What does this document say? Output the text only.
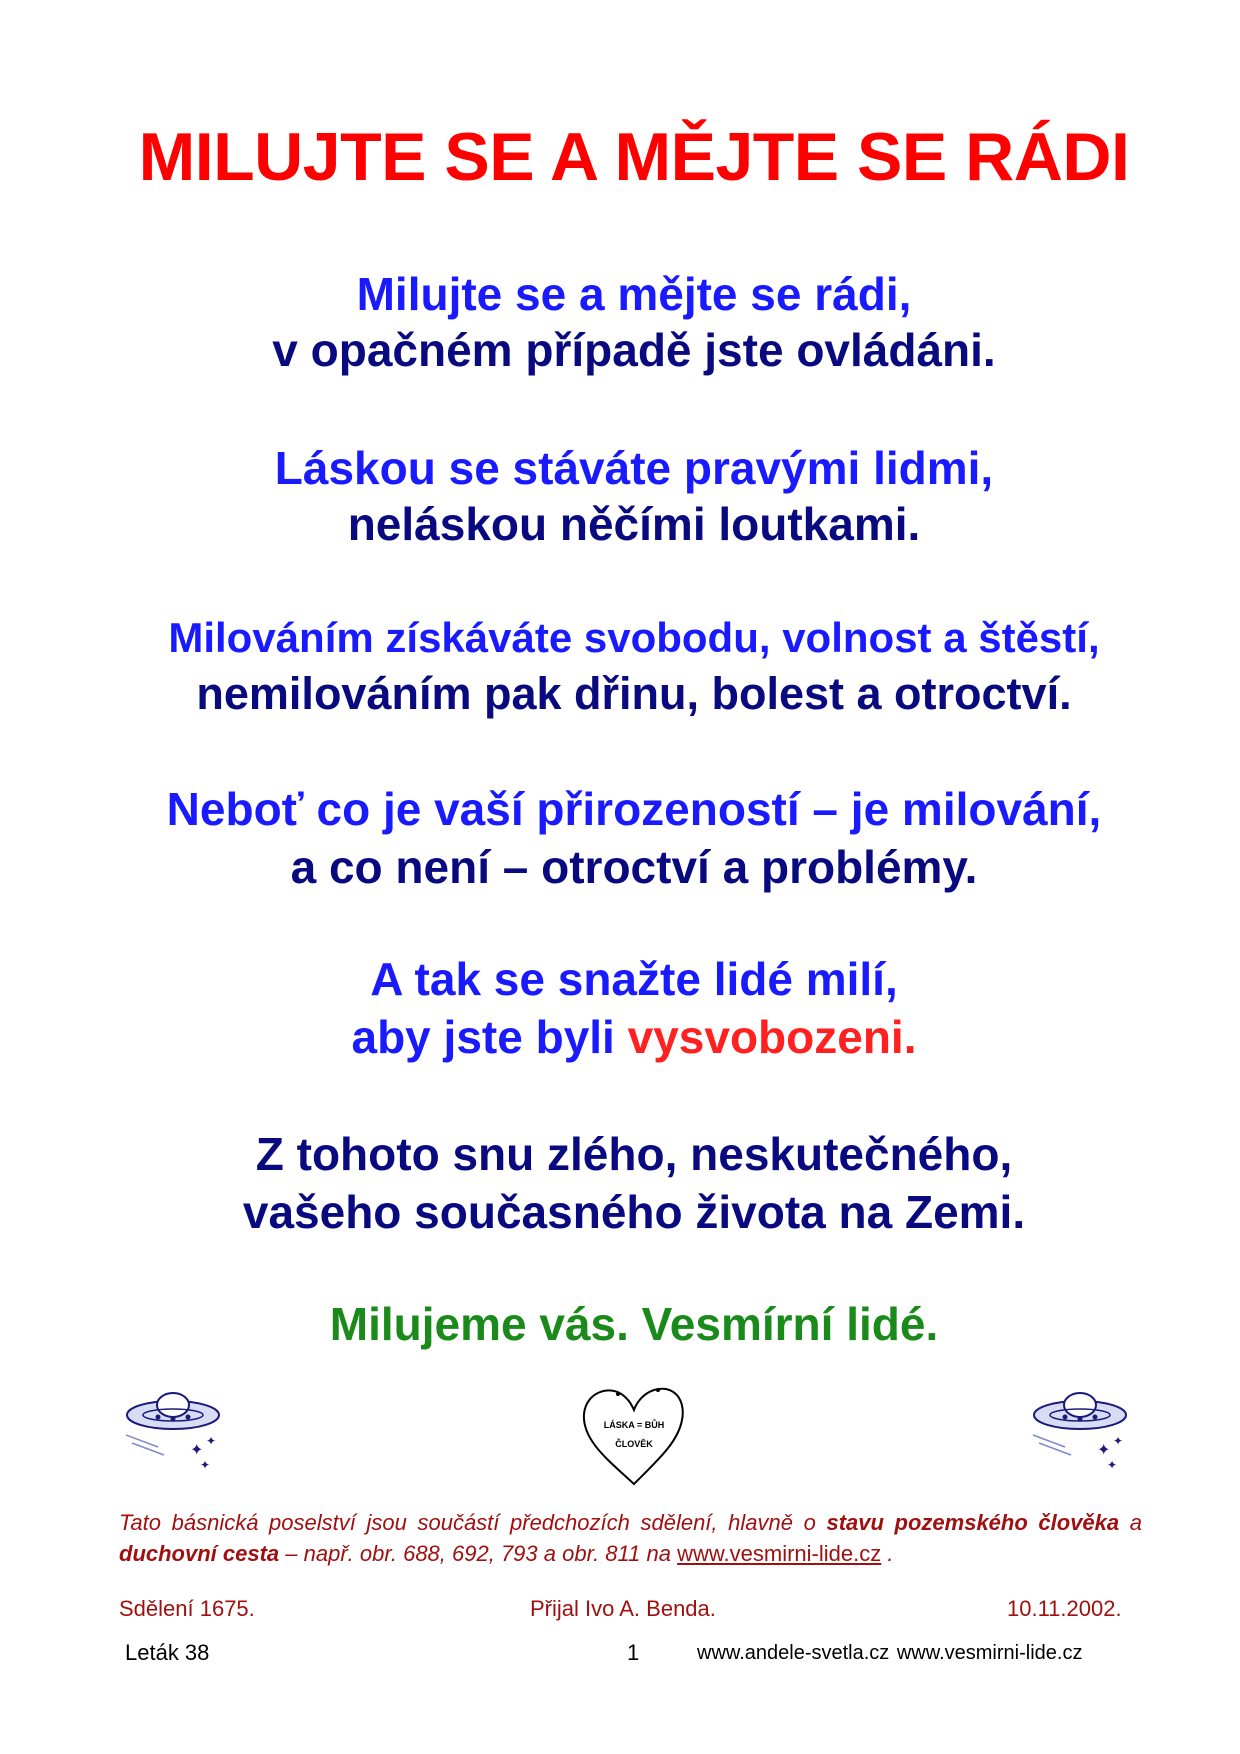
MILUJTE SE A MĚJTE SE RÁDI
Milujte se a mějte se rádi,
v opačném případě jste ovládáni.
Láskou se stáváte pravými lidmi,
neláskou něčími loutkami.
Milováním získáváte svobodu, volnost a štěstí,
nemilováním pak dřinu, bolest a otroctví.
Neboť co je vaší přirozeností – je milování,
a co není – otroctví a problémy.
A tak se snažte lidé milí,
aby jste byli vysvobozeni.
Z tohoto snu zlého, neskutečného,
vašeho současného života na Zemi.
Milujeme vás. Vesmírní lidé.
✦
✦
✦
LÁSKA = BŮH
ČLOVĚK	✦
✦
✦
Tato básnická poselství jsou součástí předchozích sdělení, hlavně o stavu pozemského člověka a duchovní cesta – např. obr. 688, 692, 793 a obr. 811 na www.vesmirni-lide.cz .
Sdělení 1675.	Přijal Ivo A. Benda.	10.11.2002.
Leták 38	1	www.andele-svetla.cz www.vesmirni-lide.cz
